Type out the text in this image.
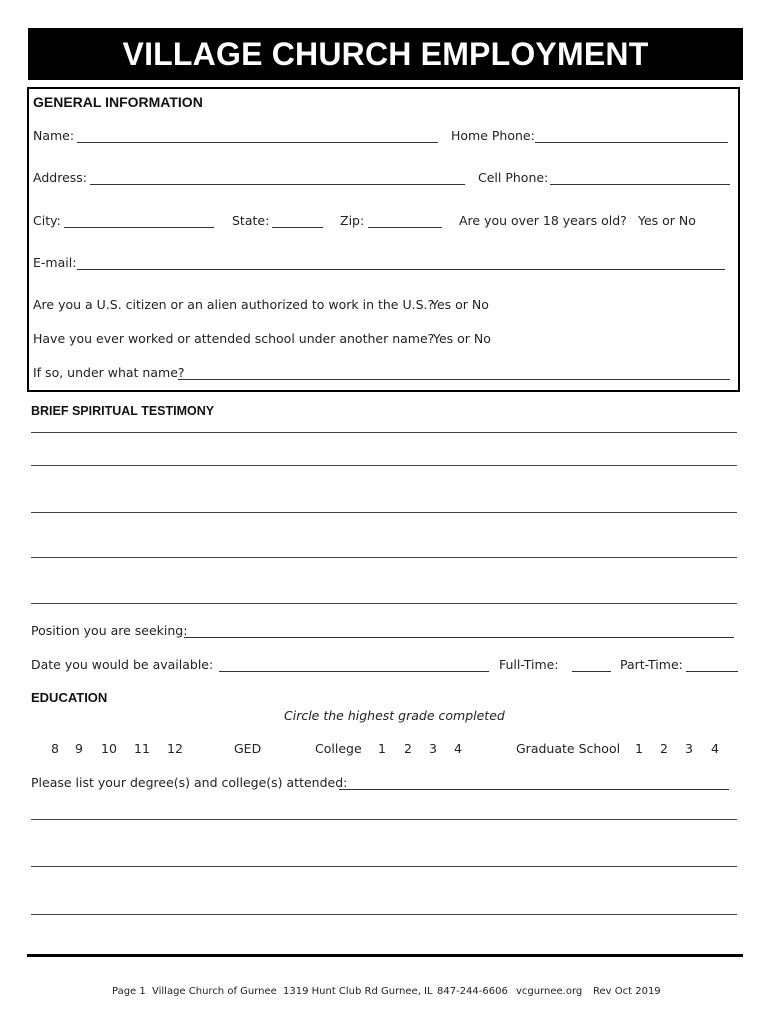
VILLAGE CHURCH EMPLOYMENT APPLICATION
GENERAL INFORMATION
Name:	Home Phone:
Address:	Cell Phone:
City:	State:	Zip:	Are you over 18 years old? Yes or No
E-mail:
Are you a U.S. citizen or an alien authorized to work in the U.S.?
Yes or No
Have you ever worked or attended school under another name?
Yes or No
If so, under what name?
BRIEF SPIRITUAL TESTIMONY
Position you are seeking:
Date you would be available:	Full-Time:	Part-Time:
EDUCATION
Circle the highest grade completed
8 9 10 11 12	GED	College 1 2 3 4	Graduate School 1 2 3 4
Please list your degree(s) and college(s) attended:
Page 1 Village Church of Gurnee 1319 Hunt Club Rd Gurnee, IL 847-244-6606 vcgurnee.org Rev Oct 2019
